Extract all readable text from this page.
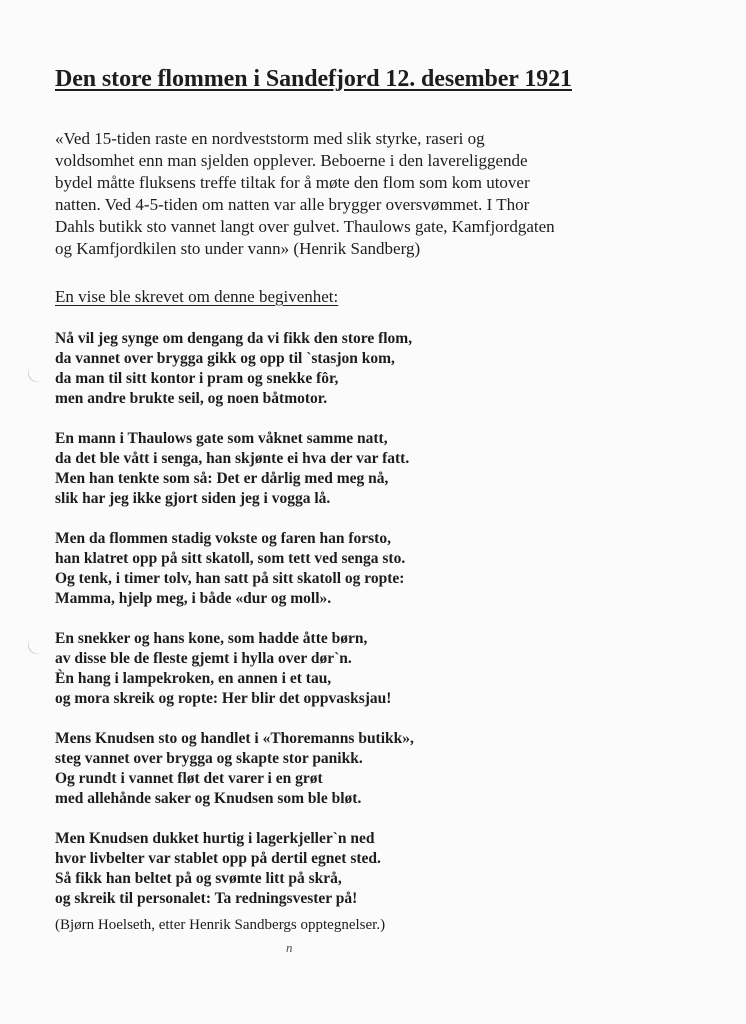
Den store flommen i Sandefjord 12. desember 1921
«Ved 15-tiden raste en nordveststorm med slik styrke, raseri og
voldsomhet enn man sjelden opplever. Beboerne i den lavereliggende
bydel måtte fluksens treffe tiltak for å møte den flom som kom utover
natten. Ved 4-5-tiden om natten var alle brygger oversvømmet. I Thor
Dahls butikk sto vannet langt over gulvet. Thaulows gate, Kamfjordgaten
og Kamfjordkilen sto under vann» (Henrik Sandberg)
En vise ble skrevet om denne begivenhet:
Nå vil jeg synge om dengang da vi fikk den store flom,
da vannet over brygga gikk og opp til `stasjon kom,
da man til sitt kontor i pram og snekke fôr,
men andre brukte seil, og noen båtmotor.
En mann i Thaulows gate som våknet samme natt,
da det ble vått i senga, han skjønte ei hva der var fatt.
Men han tenkte som så: Det er dårlig med meg nå,
slik har jeg ikke gjort siden jeg i vogga lå.
Men da flommen stadig vokste og faren han forsto,
han klatret opp på sitt skatoll, som tett ved senga sto.
Og tenk, i timer tolv, han satt på sitt skatoll og ropte:
Mamma, hjelp meg, i både «dur og moll».
En snekker og hans kone, som hadde åtte børn,
av disse ble de fleste gjemt i hylla over dør`n.
Èn hang i lampekroken, en annen i et tau,
og mora skreik og ropte: Her blir det oppvasksjau!
Mens Knudsen sto og handlet i «Thoremanns butikk»,
steg vannet over brygga og skapte stor panikk.
Og rundt i vannet fløt det varer i en grøt
med allehånde saker og Knudsen som ble bløt.
Men Knudsen dukket hurtig i lagerkjeller`n ned
hvor livbelter var stablet opp på dertil egnet sted.
Så fikk han beltet på og svømte litt på skrå,
og skreik til personalet: Ta redningsvester på!
(Bjørn Hoelseth, etter Henrik Sandbergs opptegnelser.)
n
